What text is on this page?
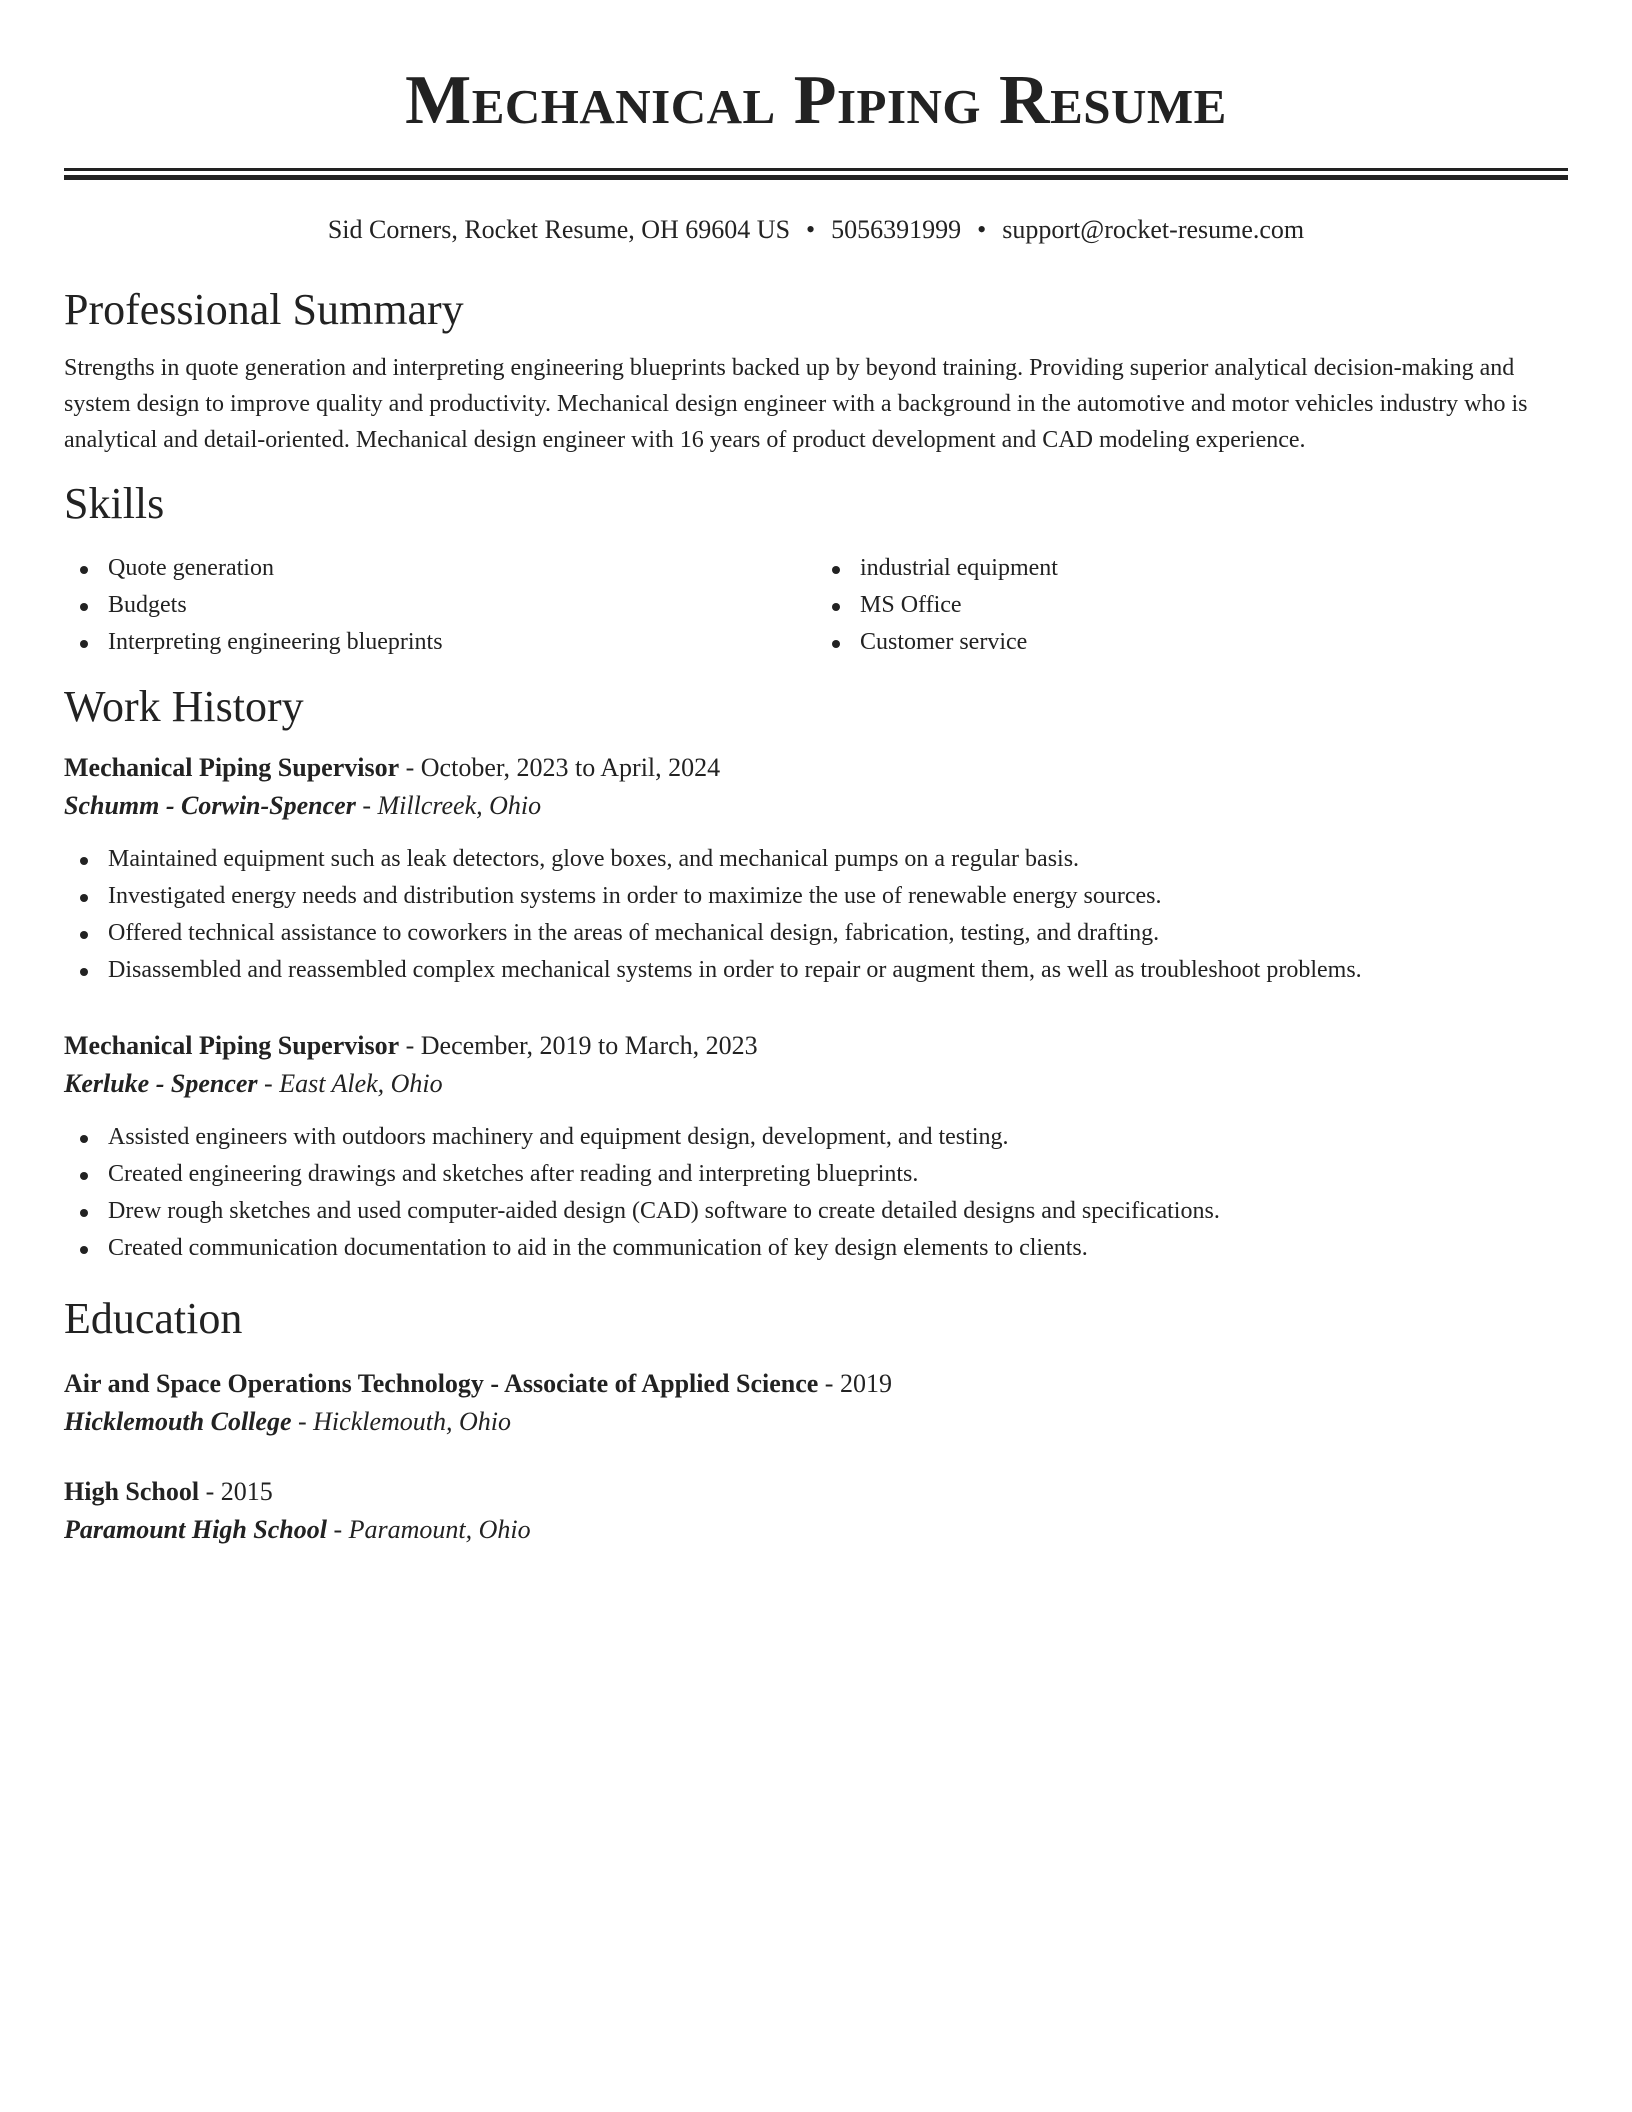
Mechanical Piping Resume
Sid Corners, Rocket Resume, OH 69604 US • 5056391999 • support@rocket-resume.com
Professional Summary

Strengths in quote generation and interpreting engineering blueprints backed up by beyond training. Providing superior analytical decision-making and system design to improve quality and productivity. Mechanical design engineer with a background in the automotive and motor vehicles industry who is analytical and detail-oriented. Mechanical design engineer with 16 years of product development and CAD modeling experience.

Skills
Quote generation
Budgets
Interpreting engineering blueprints
industrial equipment
MS Office
Customer service
Work History
Mechanical Piping Supervisor - October, 2023 to April, 2024
Schumm - Corwin-Spencer - Millcreek, Ohio
Maintained equipment such as leak detectors, glove boxes, and mechanical pumps on a regular basis.
Investigated energy needs and distribution systems in order to maximize the use of renewable energy sources.
Offered technical assistance to coworkers in the areas of mechanical design, fabrication, testing, and drafting.
Disassembled and reassembled complex mechanical systems in order to repair or augment them, as well as troubleshoot problems.
Mechanical Piping Supervisor - December, 2019 to March, 2023
Kerluke - Spencer - East Alek, Ohio
Assisted engineers with outdoors machinery and equipment design, development, and testing.
Created engineering drawings and sketches after reading and interpreting blueprints.
Drew rough sketches and used computer-aided design (CAD) software to create detailed designs and specifications.
Created communication documentation to aid in the communication of key design elements to clients.
Education
Air and Space Operations Technology - Associate of Applied Science - 2019
Hicklemouth College - Hicklemouth, Ohio
High School - 2015
Paramount High School - Paramount, Ohio
